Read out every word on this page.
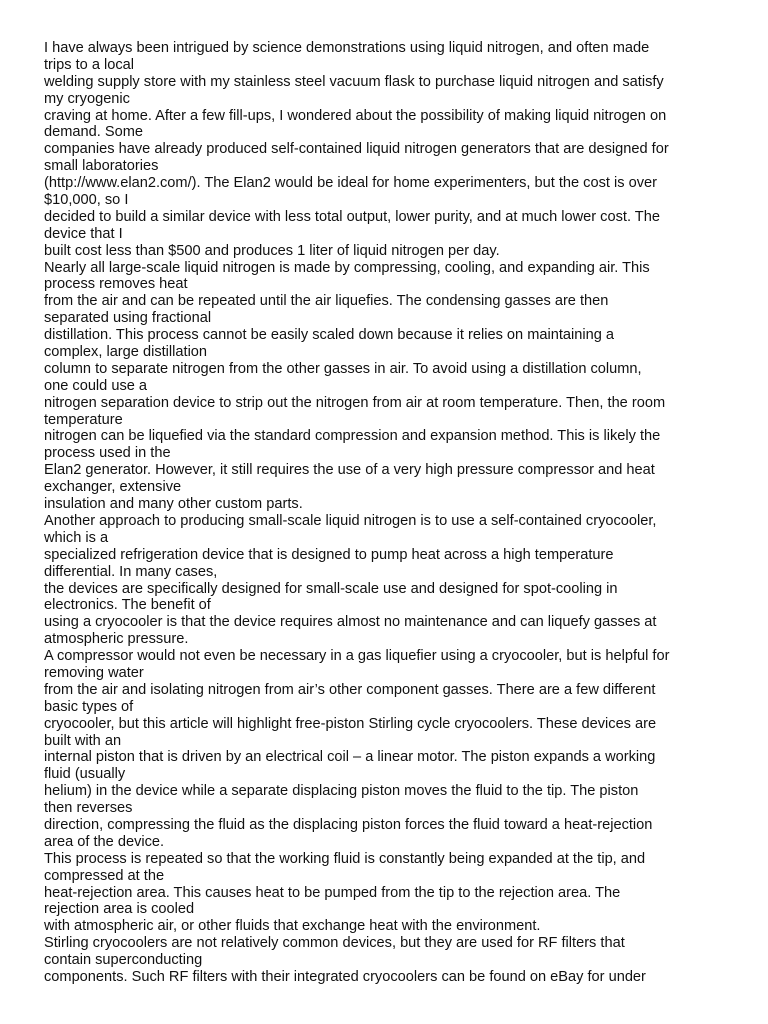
I have always been intrigued by science demonstrations using liquid nitrogen, and often made
trips to a local
welding supply store with my stainless steel vacuum flask to purchase liquid nitrogen and satisfy
my cryogenic
craving at home. After a few fill-ups, I wondered about the possibility of making liquid nitrogen on
demand. Some
companies have already produced self-contained liquid nitrogen generators that are designed for
small laboratories
(http://www.elan2.com/). The Elan2 would be ideal for home experimenters, but the cost is over
$10,000, so I
decided to build a similar device with less total output, lower purity, and at much lower cost. The
device that I
built cost less than $500 and produces 1 liter of liquid nitrogen per day.
Nearly all large-scale liquid nitrogen is made by compressing, cooling, and expanding air. This
process removes heat
from the air and can be repeated until the air liquefies. The condensing gasses are then
separated using fractional
distillation. This process cannot be easily scaled down because it relies on maintaining a
complex, large distillation
column to separate nitrogen from the other gasses in air. To avoid using a distillation column,
one could use a
nitrogen separation device to strip out the nitrogen from air at room temperature. Then, the room
temperature
nitrogen can be liquefied via the standard compression and expansion method. This is likely the
process used in the
Elan2 generator. However, it still requires the use of a very high pressure compressor and heat
exchanger, extensive
insulation and many other custom parts.
Another approach to producing small-scale liquid nitrogen is to use a self-contained cryocooler,
which is a
specialized refrigeration device that is designed to pump heat across a high temperature
differential. In many cases,
the devices are specifically designed for small-scale use and designed for spot-cooling in
electronics. The benefit of
using a cryocooler is that the device requires almost no maintenance and can liquefy gasses at
atmospheric pressure.
A compressor would not even be necessary in a gas liquefier using a cryocooler, but is helpful for
removing water
from the air and isolating nitrogen from air’s other component gasses. There are a few different
basic types of
cryocooler, but this article will highlight free-piston Stirling cycle cryocoolers. These devices are
built with an
internal piston that is driven by an electrical coil – a linear motor. The piston expands a working
fluid (usually
helium) in the device while a separate displacing piston moves the fluid to the tip. The piston
then reverses
direction, compressing the fluid as the displacing piston forces the fluid toward a heat-rejection
area of the device.
This process is repeated so that the working fluid is constantly being expanded at the tip, and
compressed at the
heat-rejection area. This causes heat to be pumped from the tip to the rejection area. The
rejection area is cooled
with atmospheric air, or other fluids that exchange heat with the environment.
Stirling cryocoolers are not relatively common devices, but they are used for RF filters that
contain superconducting
components. Such RF filters with their integrated cryocoolers can be found on eBay for under
